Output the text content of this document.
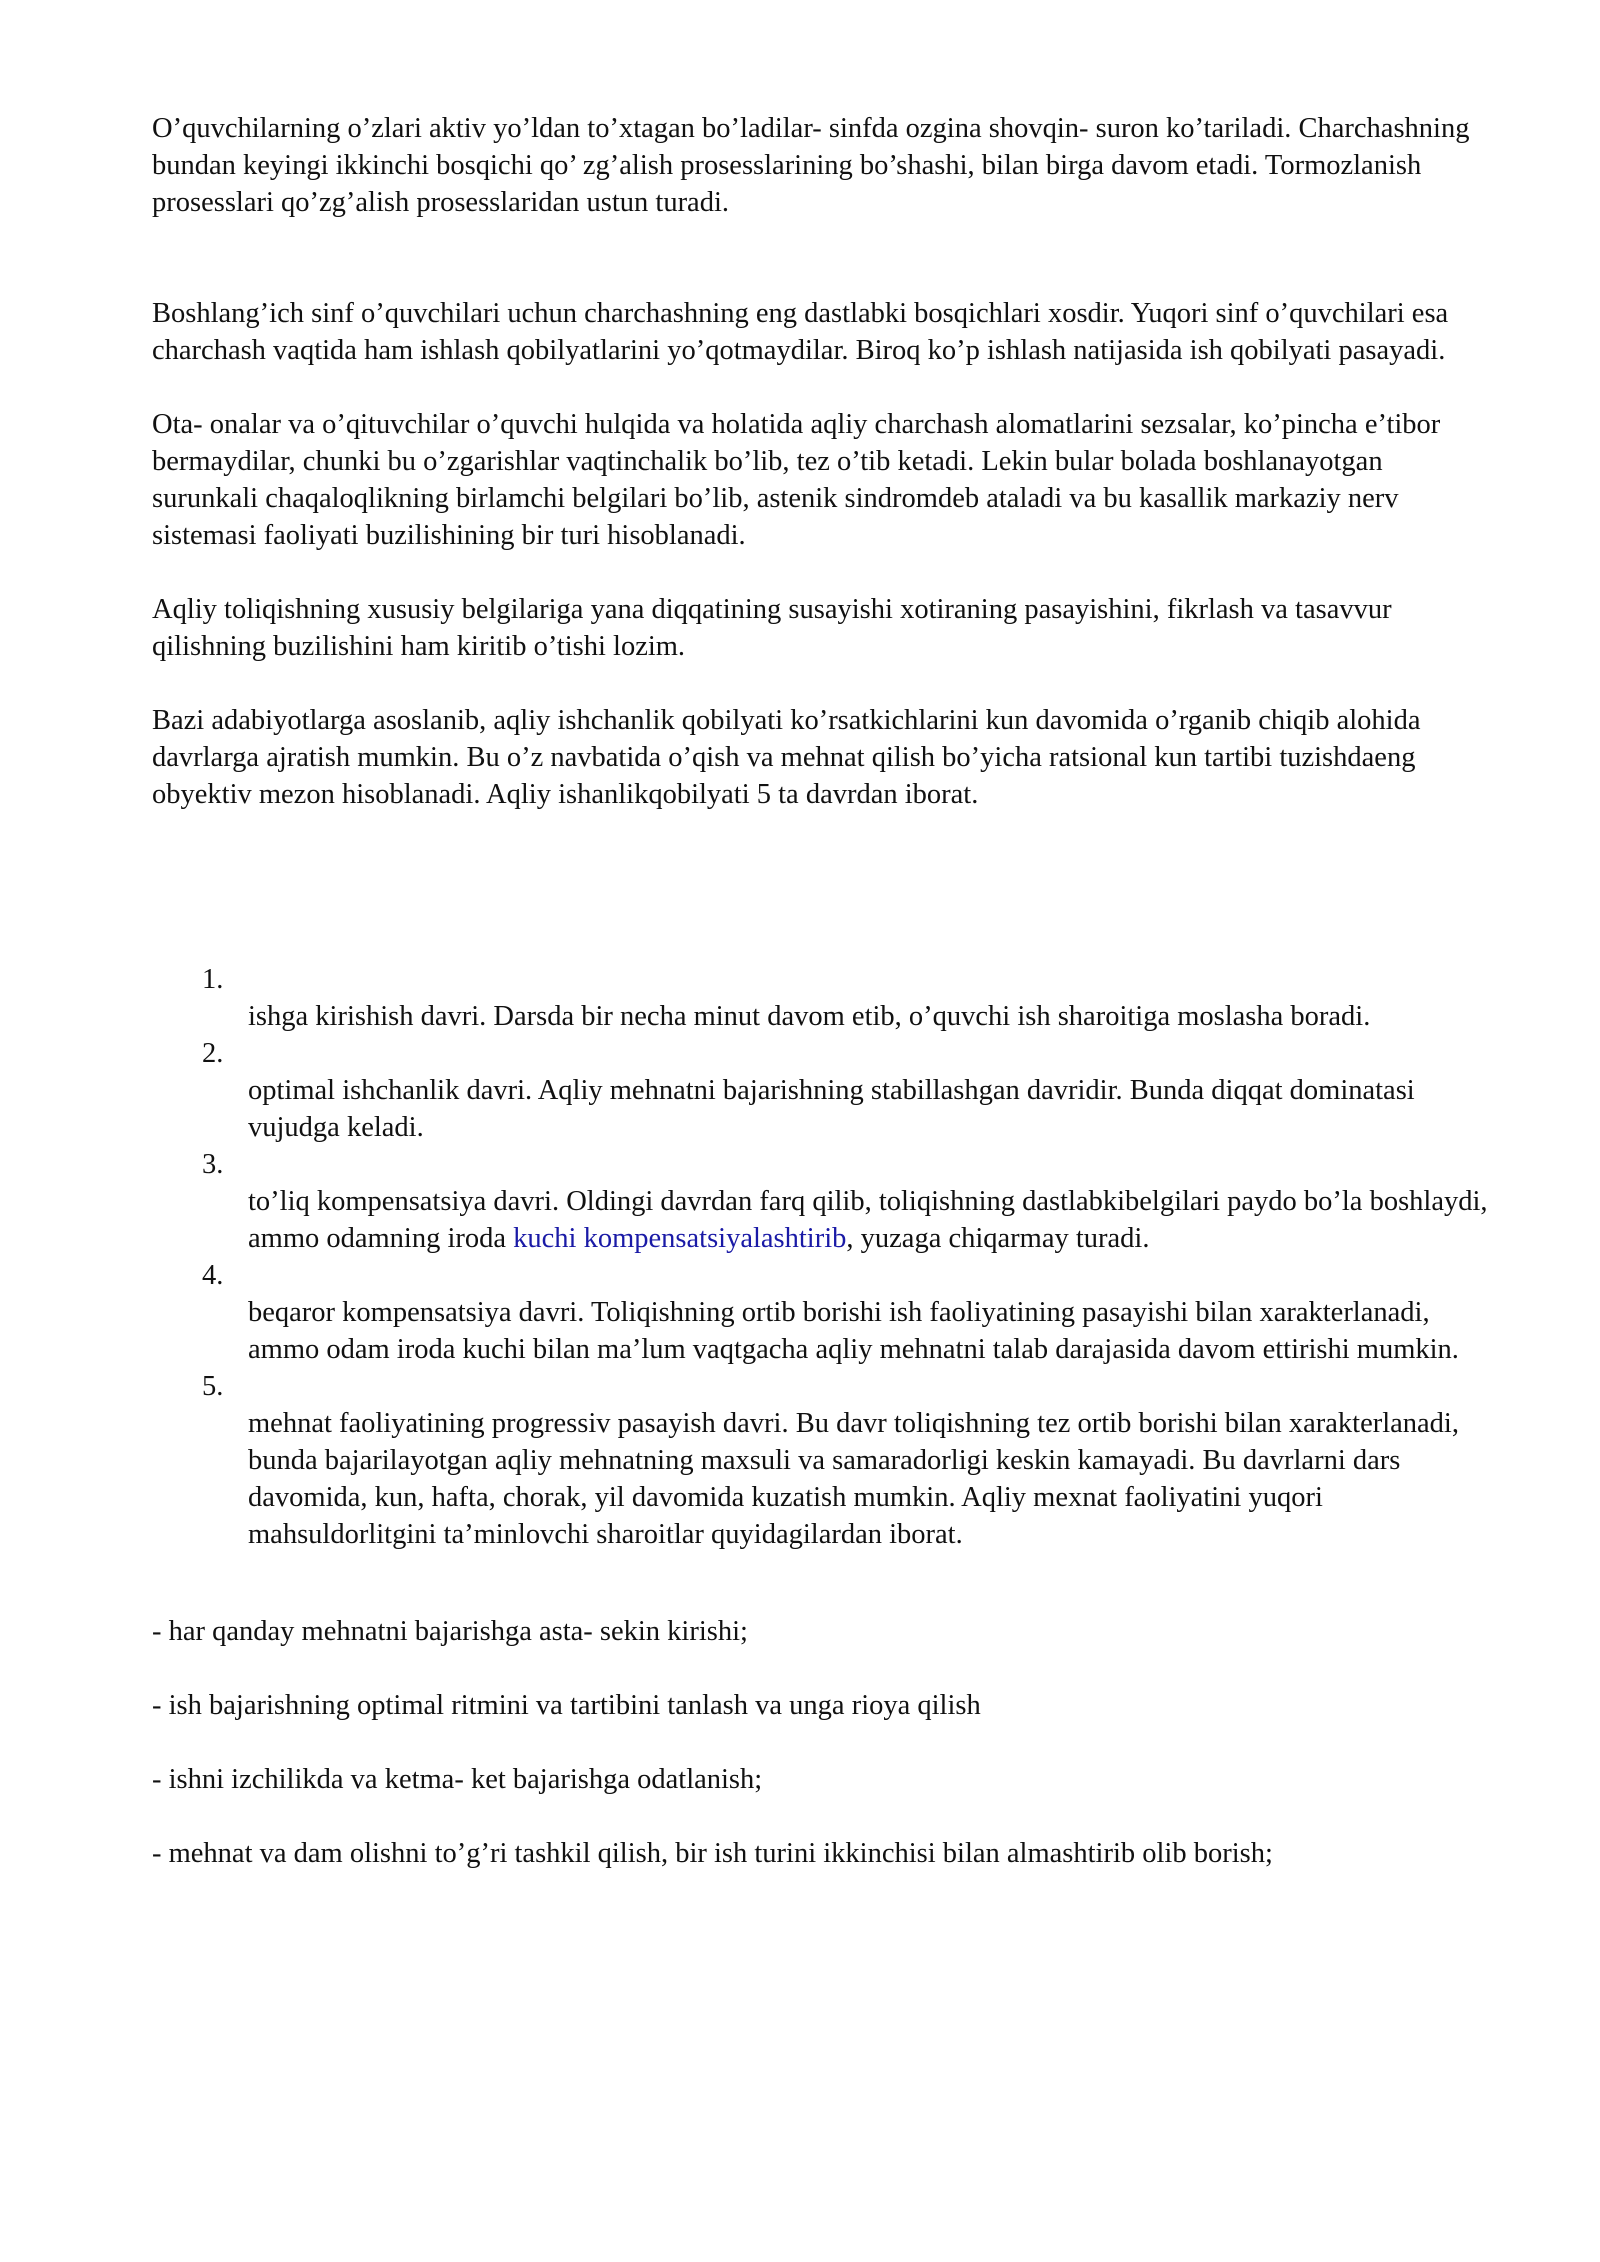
O’quvchilarning o’zlari aktiv yo’ldan to’xtagan bo’ladilar- sinfda ozgina shovqin- suron ko’tariladi. Charchashning bundan keyingi ikkinchi bosqichi qo’ zg’alish prosesslarining bo’shashi, bilan birga davom etadi. Tormozlanish prosesslari qo’zg’alish prosesslaridan ustun turadi.

Boshlang’ich sinf o’quvchilari uchun charchashning eng dastlabki bosqichlari xosdir. Yuqori sinf o’quvchilari esa charchash vaqtida ham ishlash qobilyatlarini yo’qotmaydilar. Biroq ko’p ishlash natijasida ish qobilyati pasayadi.

Ota- onalar va o’qituvchilar o’quvchi hulqida va holatida aqliy charchash alomatlarini sezsalar, ko’pincha e’tibor bermaydilar, chunki bu o’zgarishlar vaqtinchalik bo’lib, tez o’tib ketadi. Lekin bular bolada boshlanayotgan surunkali chaqaloqlikning birlamchi belgilari bo’lib, astenik sindromdeb ataladi va bu kasallik markaziy nerv sistemasi faoliyati buzilishining bir turi hisoblanadi.

Aqliy toliqishning xususiy belgilariga yana diqqatining susayishi xotiraning pasayishini, fikrlash va tasavvur qilishning buzilishini ham kiritib o’tishi lozim.

Bazi adabiyotlarga asoslanib, aqliy ishchanlik qobilyati ko’rsatkichlarini kun davomida o’rganib chiqib alohida davrlarga ajratish mumkin. Bu o’z navbatida o’qish va mehnat qilish bo’yicha ratsional kun tartibi tuzishdaeng obyektiv mezon hisoblanadi. Aqliy ishanlikqobilyati 5 ta davrdan iborat.

1.
ishga kirishish davri. Darsda bir necha minut davom etib, o’quvchi ish sharoitiga moslasha boradi.
2.
optimal ishchanlik davri. Aqliy mehnatni bajarishning stabillashgan davridir. Bunda diqqat dominatasi vujudga keladi.
3.
to’liq kompensatsiya davri. Oldingi davrdan farq qilib, toliqishning dastlabkibelgilari paydo bo’la boshlaydi, ammo odamning iroda kuchi kompensatsiyalashtirib, yuzaga chiqarmay turadi.
4.
beqaror kompensatsiya davri. Toliqishning ortib borishi ish faoliyatining pasayishi bilan xarakterlanadi, ammo odam iroda kuchi bilan ma’lum vaqtgacha aqliy mehnatni talab darajasida davom ettirishi mumkin.
5.
mehnat faoliyatining progressiv pasayish davri. Bu davr toliqishning tez ortib borishi bilan xarakterlanadi, bunda bajarilayotgan aqliy mehnatning maxsuli va samaradorligi keskin kamayadi. Bu davrlarni dars davomida, kun, hafta, chorak, yil davomida kuzatish mumkin. Aqliy mexnat faoliyatini yuqori mahsuldorlitgini ta’minlovchi sharoitlar quyidagilardan iborat.

- har qanday mehnatni bajarishga asta- sekin kirishi;

- ish bajarishning optimal ritmini va tartibini tanlash va unga rioya qilish

- ishni izchilikda va ketma- ket bajarishga odatlanish;

- mehnat va dam olishni to’g’ri tashkil qilish, bir ish turini ikkinchisi bilan almashtirib olib borish;
